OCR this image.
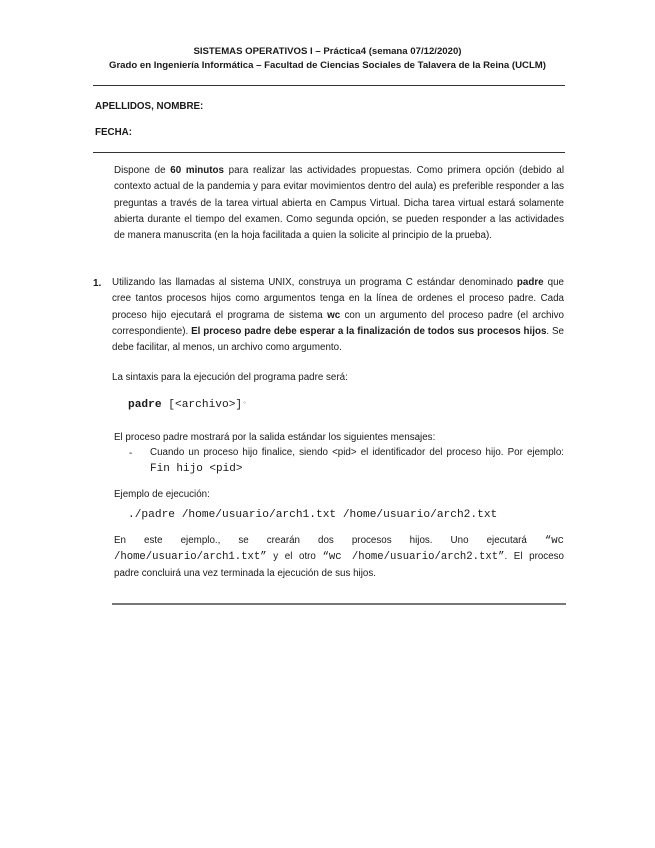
SISTEMAS OPERATIVOS I – Práctica4 (semana 07/12/2020)
Grado en Ingeniería Informática – Facultad de Ciencias Sociales de Talavera de la Reina (UCLM)
APELLIDOS, NOMBRE:
FECHA:
Dispone de 60 minutos para realizar las actividades propuestas. Como primera opción (debido al contexto actual de la pandemia y para evitar movimientos dentro del aula) es preferible responder a las preguntas a través de la tarea virtual abierta en Campus Virtual. Dicha tarea virtual estará solamente abierta durante el tiempo del examen. Como segunda opción, se pueden responder a las actividades de manera manuscrita (en la hoja facilitada a quien la solicite al principio de la prueba).
1. Utilizando las llamadas al sistema UNIX, construya un programa C estándar denominado padre que cree tantos procesos hijos como argumentos tenga en la línea de ordenes el proceso padre. Cada proceso hijo ejecutará el programa de sistema wc con un argumento del proceso padre (el archivo correspondiente). El proceso padre debe esperar a la finalización de todos sus procesos hijos. Se debe facilitar, al menos, un archivo como argumento.
La sintaxis para la ejecución del programa padre será:
padre [<archivo>]◦
El proceso padre mostrará por la salida estándar los siguientes mensajes:
- Cuando un proceso hijo finalice, siendo <pid> el identificador del proceso hijo. Por ejemplo: Fin hijo <pid>
Ejemplo de ejecución:
./padre /home/usuario/arch1.txt /home/usuario/arch2.txt
En este ejemplo., se crearán dos procesos hijos. Uno ejecutará “wc /home/usuario/arch1.txt” y el otro “wc /home/usuario/arch2.txt”. El proceso padre concluirá una vez terminada la ejecución de sus hijos.
